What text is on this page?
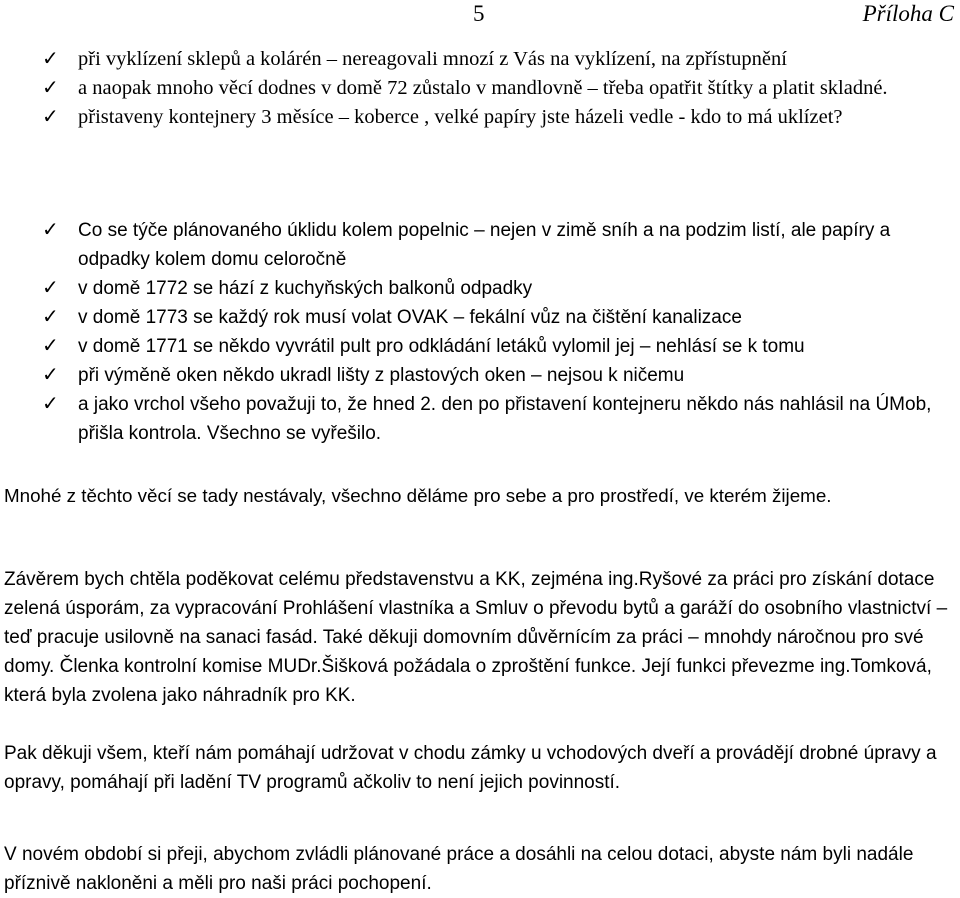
5	Příloha C
✓ při vyklízení sklepů a kolárén – nereagovali mnozí z Vás na vyklízení, na zpřístupnění
✓ a naopak mnoho věcí dodnes v domě 72 zůstalo v mandlovně – třeba opatřit štítky a platit skladné.
✓ přistaveny kontejnery 3 měsíce – koberce , velké papíry jste házeli vedle - kdo to má uklízet?
✓ Co se týče plánovaného úklidu kolem popelnic – nejen v zimě sníh a na podzim listí, ale papíry a odpadky kolem domu celoročně
✓ v domě 1772 se hází z kuchyňských balkonů odpadky
✓ v domě 1773 se každý rok musí volat OVAK – fekální vůz na čištění kanalizace
✓ v domě 1771 se někdo vyvrátil pult pro odkládání letáků vylomil jej – nehlásí se k tomu
✓ při výměně oken někdo ukradl lišty z plastových oken – nejsou k ničemu
✓ a jako vrchol všeho považuji to, že hned 2. den po přistavení kontejneru někdo nás nahlásil na ÚMob, přišla kontrola. Všechno se vyřešilo.

Mnohé z těchto věcí se tady nestávaly, všechno děláme pro sebe a pro prostředí, ve kterém žijeme.

Závěrem bych chtěla poděkovat celému představenstvu a KK, zejména ing.Ryšové za práci pro získání dotace zelená úsporám, za vypracování Prohlášení vlastníka a Smluv o převodu bytů a garáží do osobního vlastnictví – teď pracuje usilovně na sanaci fasád. Také děkuji domovním důvěrnícím za práci – mnohdy náročnou pro své domy. Členka kontrolní komise MUDr.Šišková požádala o zproštění funkce. Její funkci převezme ing.Tomková, která byla zvolena jako náhradník pro KK.

Pak děkuji všem, kteří nám pomáhají udržovat v chodu zámky u vchodových dveří a provádějí drobné úpravy a opravy, pomáhají při ladění TV programů ačkoliv to není jejich povinností.

V novém období si přeji, abychom zvládli plánované práce a dosáhli na celou dotaci, abyste nám byli nadále příznivě nakloněni a měli pro naši práci pochopení.
